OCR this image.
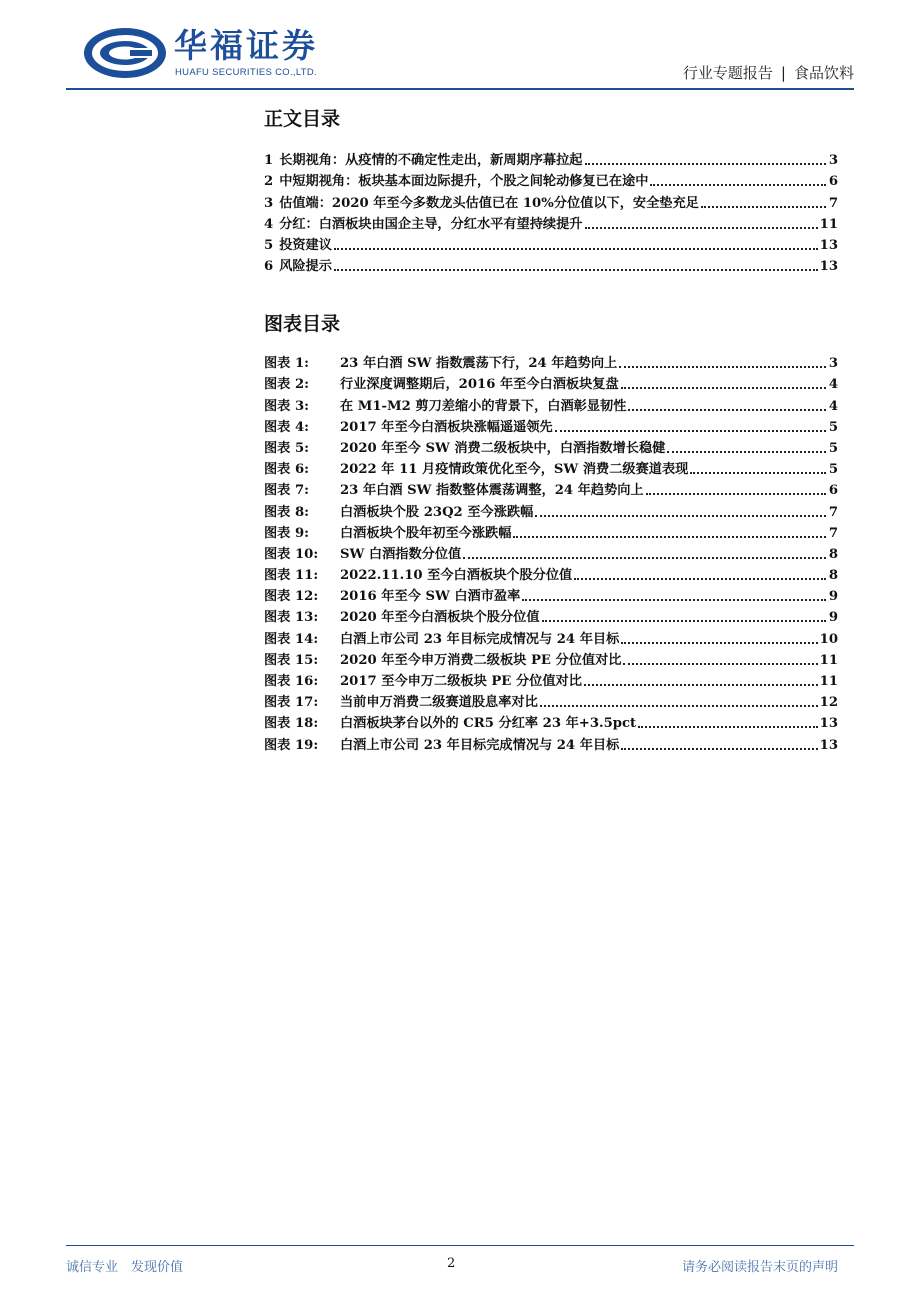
华福证券
HUAFU SECURITIES CO.,LTD.	行业专题报告 | 食品饮料
正文目录
1 长期视角：从疫情的不确定性走出，新周期序幕拉起	3
2 中短期视角：板块基本面边际提升，个股之间轮动修复已在途中	6
3 估值端：2020 年至今多数龙头估值已在 10%分位值以下，安全垫充足	7
4 分红：白酒板块由国企主导，分红水平有望持续提升	11
5 投资建议	13
6 风险提示	13
图表目录
图表 1:	23 年白酒 SW 指数震荡下行，24 年趋势向上	3
图表 2:	行业深度调整期后，2016 年至今白酒板块复盘	4
图表 3:	在 M1-M2 剪刀差缩小的背景下，白酒彰显韧性	4
图表 4:	2017 年至今白酒板块涨幅遥遥领先	5
图表 5:	2020 年至今 SW 消费二级板块中，白酒指数增长稳健	5
图表 6:	2022 年 11 月疫情政策优化至今，SW 消费二级赛道表现	5
图表 7:	23 年白酒 SW 指数整体震荡调整，24 年趋势向上	6
图表 8:	白酒板块个股 23Q2 至今涨跌幅	7
图表 9:	白酒板块个股年初至今涨跌幅	7
图表 10:	SW 白酒指数分位值	8
图表 11:	2022.11.10 至今白酒板块个股分位值	8
图表 12:	2016 年至今 SW 白酒市盈率	9
图表 13:	2020 年至今白酒板块个股分位值	9
图表 14:	白酒上市公司 23 年目标完成情况与 24 年目标	10
图表 15:	2020 年至今申万消费二级板块 PE 分位值对比	11
图表 16:	2017 至今申万二级板块 PE 分位值对比	11
图表 17:	当前申万消费二级赛道股息率对比	12
图表 18:	白酒板块茅台以外的 CR5 分红率 23 年+3.5pct	13
图表 19:	白酒上市公司 23 年目标完成情况与 24 年目标	13
诚信专业　发现价值	2	请务必阅读报告末页的声明
